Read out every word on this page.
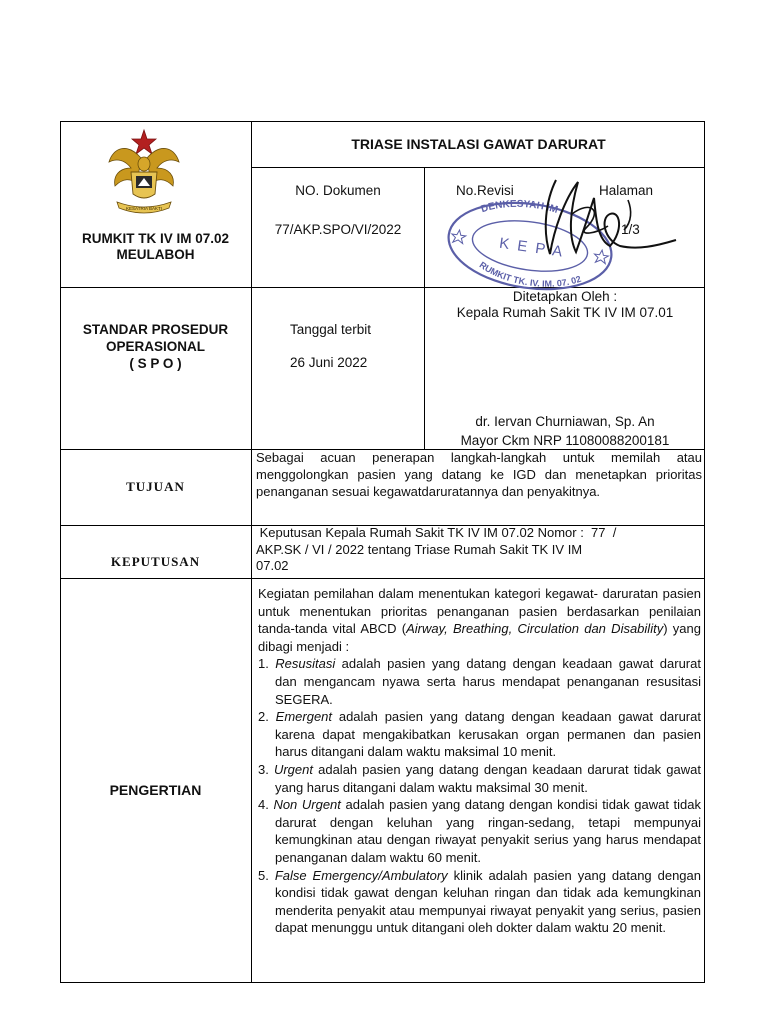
KESATRIA BAKTI
RUMKIT TK IV IM 07.02
MEULABOH
TRIASE INSTALASI GAWAT DARURAT
NO. Dokumen
77/AKP.SPO/VI/2022
No.Revisi	Halaman
1/3
DENKESYAH IM
RUMKIT TK. IV. IM. 07. 02
K E P A
STANDAR PROSEDUR
OPERASIONAL
( S P O )
Tanggal terbit
26 Juni 2022
Ditetapkan Oleh :
Kepala Rumah Sakit TK IV IM 07.01
dr. Iervan Churniawan, Sp. An
Mayor Ckm NRP 11080088200181
TUJUAN
Sebagai acuan penerapan langkah-langkah untuk memilah atau menggolongkan pasien yang datang ke IGD dan menetapkan prioritas penanganan sesuai kegawatdaruratannya dan penyakitnya.
KEPUTUSAN
Keputusan Kepala Rumah Sakit TK IV IM 07.02 Nomor :  77  /
AKP.SK / VI / 2022 tentang Triase Rumah Sakit TK IV IM
07.02
PENGERTIAN

Kegiatan pemilahan dalam menentukan kategori kegawat- daruratan pasien untuk menentukan prioritas penanganan pasien berdasarkan penilaian tanda-tanda vital ABCD (Airway, Breathing, Circulation dan Disability) yang dibagi menjadi :

1. Resusitasi adalah pasien yang datang dengan keadaan gawat darurat dan mengancam nyawa serta harus mendapat penanganan resusitasi SEGERA.

2. Emergent adalah pasien yang datang dengan keadaan gawat darurat karena dapat mengakibatkan kerusakan organ permanen dan pasien harus ditangani dalam waktu maksimal 10 menit.

3. Urgent adalah pasien yang datang dengan keadaan darurat tidak gawat yang harus ditangani dalam waktu maksimal 30 menit.

4. Non Urgent adalah pasien yang datang dengan kondisi tidak gawat tidak darurat dengan keluhan yang ringan-sedang, tetapi mempunyai kemungkinan atau dengan riwayat penyakit serius yang harus mendapat penanganan dalam waktu 60 menit.

5. False Emergency/Ambulatory klinik adalah pasien yang datang dengan kondisi tidak gawat dengan keluhan ringan dan tidak ada kemungkinan menderita penyakit atau mempunyai riwayat penyakit yang serius, pasien dapat menunggu untuk ditangani oleh dokter dalam waktu 20 menit.
